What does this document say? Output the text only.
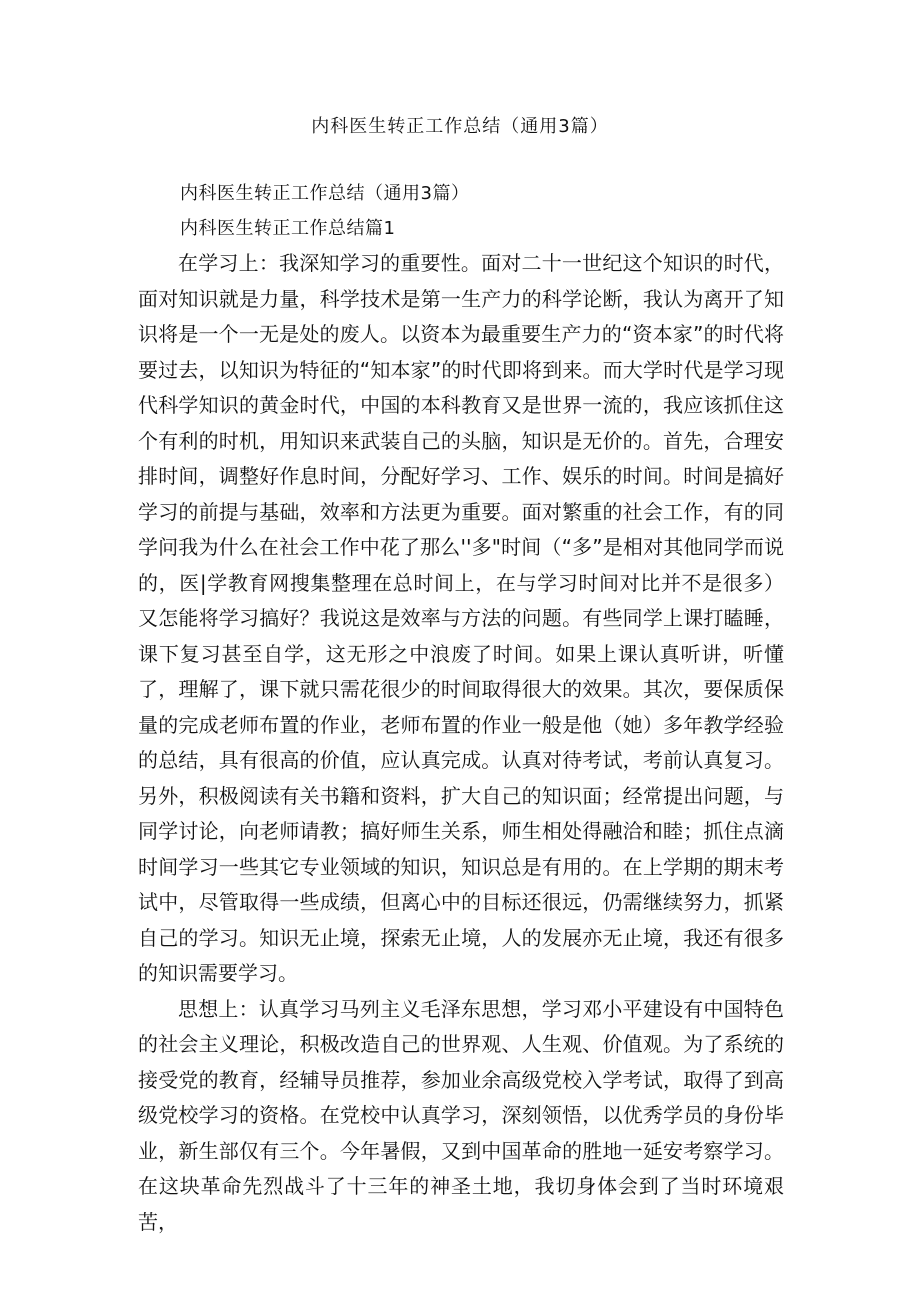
内科医生转正工作总结（通用3篇）
内科医生转正工作总结（通用3篇）
内科医生转正工作总结篇1

在学习上：我深知学习的重要性。面对二十一世纪这个知识的时代，面对知识就是力量，科学技术是第一生产力的科学论断，我认为离开了知识将是一个一无是处的废人。以资本为最重要生产力的“资本家”的时代将要过去，以知识为特征的“知本家”的时代即将到来。而大学时代是学习现代科学知识的黄金时代，中国的本科教育又是世界一流的，我应该抓住这个有利的时机，用知识来武装自己的头脑，知识是无价的。首先，合理安排时间，调整好作息时间，分配好学习、工作、娱乐的时间。时间是搞好学习的前提与基础，效率和方法更为重要。面对繁重的社会工作，有的同学问我为什么在社会工作中花了那么''多"时间（“多”是相对其他同学而说的，医|学教育网搜集整理在总时间上，在与学习时间对比并不是很多）又怎能将学习搞好？我说这是效率与方法的问题。有些同学上课打瞌睡，课下复习甚至自学，这无形之中浪废了时间。如果上课认真听讲，听懂了，理解了，课下就只需花很少的时间取得很大的效果。其次，要保质保量的完成老师布置的作业，老师布置的作业一般是他（她）多年教学经验的总结，具有很高的价值，应认真完成。认真对待考试，考前认真复习。另外，积极阅读有关书籍和资料，扩大自己的知识面；经常提出问题，与同学讨论，向老师请教；搞好师生关系，师生相处得融洽和睦；抓住点滴时间学习一些其它专业领域的知识，知识总是有用的。在上学期的期末考试中，尽管取得一些成绩，但离心中的目标还很远，仍需继续努力，抓紧自己的学习。知识无止境，探索无止境，人的发展亦无止境，我还有很多的知识需要学习。

思想上：认真学习马列主义毛泽东思想，学习邓小平建设有中国特色的社会主义理论，积极改造自己的世界观、人生观、价值观。为了系统的接受党的教育，经辅导员推荐，参加业余高级党校入学考试，取得了到高级党校学习的资格。在党校中认真学习，深刻领悟，以优秀学员的身份毕业，新生部仅有三个。今年暑假，又到中国革命的胜地一延安考察学习。在这块革命先烈战斗了十三年的神圣土地，我切身体会到了当时环境艰苦，
